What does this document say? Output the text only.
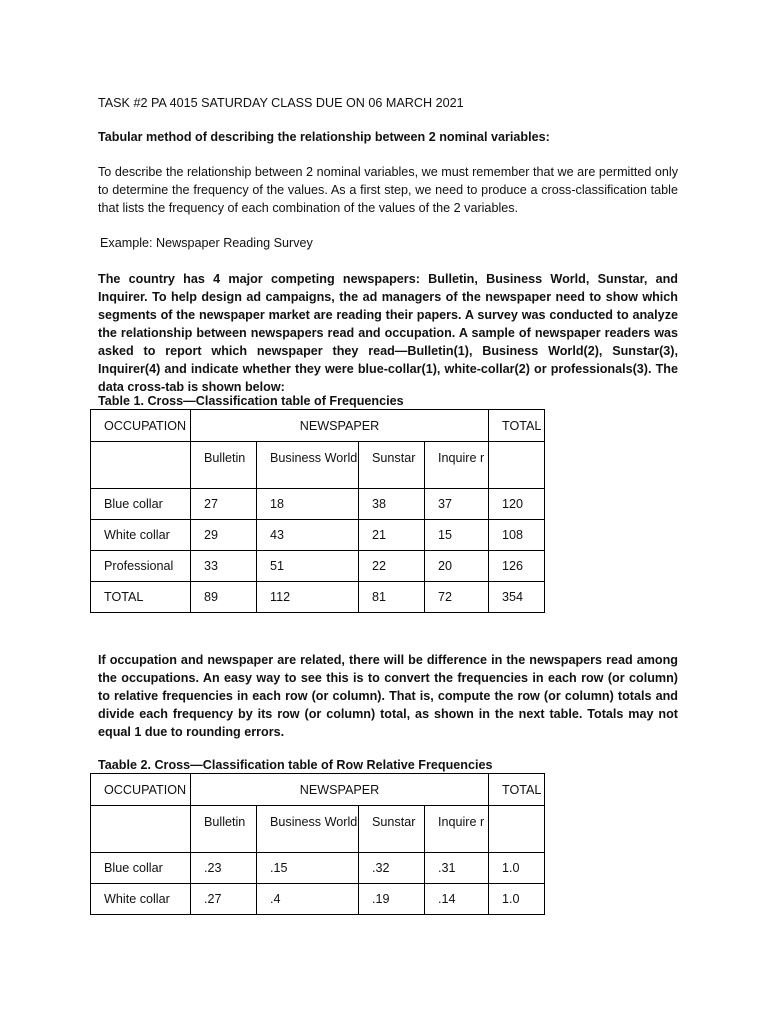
TASK #2 PA 4015 SATURDAY CLASS DUE ON 06 MARCH 2021

Tabular method of describing the relationship between 2 nominal variables:

To describe the relationship between 2 nominal variables, we must remember that we are permitted only to determine the frequency of the values. As a first step, we need to produce a cross-classification table that lists the frequency of each combination of the values of the 2 variables.

Example: Newspaper Reading Survey

The country has 4 major competing newspapers: Bulletin, Business World, Sunstar, and Inquirer. To help design ad campaigns, the ad managers of the newspaper need to show which segments of the newspaper market are reading their papers. A survey was conducted to analyze the relationship between newspapers read and occupation. A sample of newspaper readers was asked to report which newspaper they read—Bulletin(1), Business World(2), Sunstar(3), Inquirer(4) and indicate whether they were blue-collar(1), white-collar(2) or professionals(3). The data cross-tab is shown below:

Table 1. Cross—Classification table of Frequencies

OCCUPATION	NEWSPAPER				TOTAL
	Bulletin	Business World	Sunstar	Inquire r	
Blue collar	27	18	38	37	120
White collar	29	43	21	15	108
Professional	33	51	22	20	126
TOTAL	89	112	81	72	354

If occupation and newspaper are related, there will be difference in the newspapers read among the occupations. An easy way to see this is to convert the frequencies in each row (or column) to relative frequencies in each row (or column). That is, compute the row (or column) totals and divide each frequency by its row (or column) total, as shown in the next table. Totals may not equal 1 due to rounding errors.

Taable 2. Cross—Classification table of Row Relative Frequencies

OCCUPATION	NEWSPAPER				TOTAL
	Bulletin	Business World	Sunstar	Inquire r	
Blue collar	.23	.15	.32	.31	1.0
White collar	.27	.4	.19	.14	1.0
